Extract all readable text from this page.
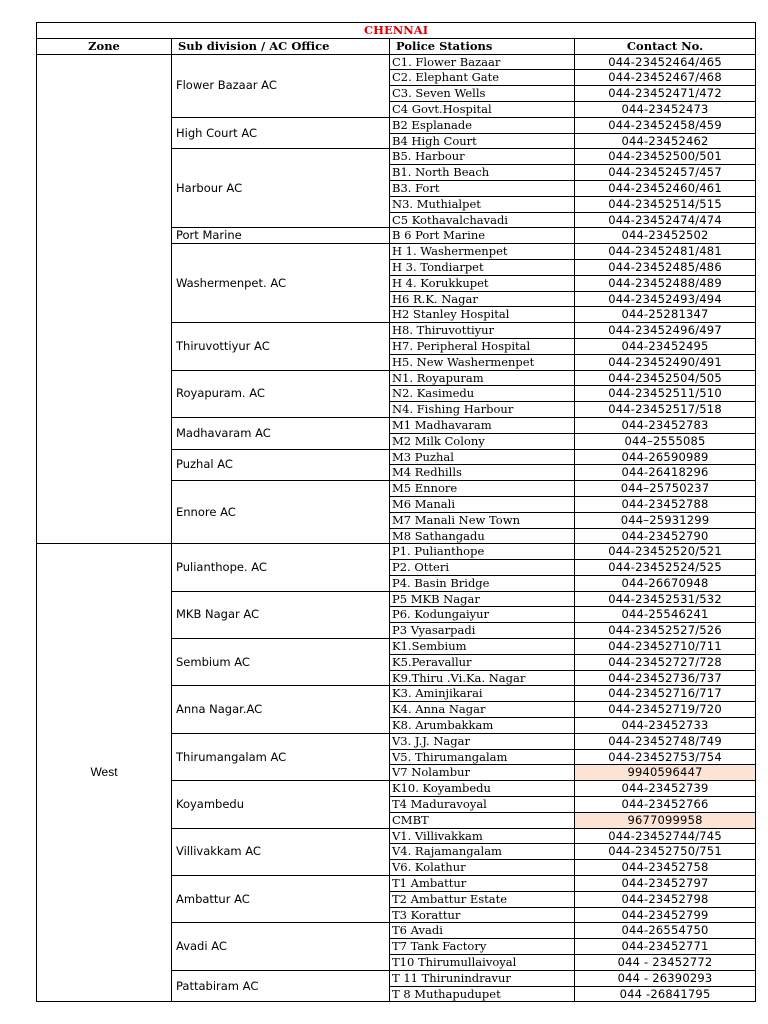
CHENNAI			
Zone	Sub division / AC Office	Police Stations	Contact No.
	Flower Bazaar AC	C1. Flower Bazaar	044-23452464/465
		C2. Elephant Gate	044-23452467/468
		C3. Seven Wells	044-23452471/472
		C4 Govt.Hospital	044-23452473
	High Court AC	B2 Esplanade	044-23452458/459
		B4 High Court	044-23452462
	Harbour AC	B5. Harbour	044-23452500/501
		B1. North Beach	044-23452457/457
		B3. Fort	044-23452460/461
		N3. Muthialpet	044-23452514/515
		C5 Kothavalchavadi	044-23452474/474
	Port Marine	B 6 Port Marine	044-23452502
	Washermenpet. AC	H 1. Washermenpet	044-23452481/481
		H 3. Tondiarpet	044-23452485/486
		H 4. Korukkupet	044-23452488/489
		H6 R.K. Nagar	044-23452493/494
		H2 Stanley Hospital	044-25281347
	Thiruvottiyur AC	H8. Thiruvottiyur	044-23452496/497
		H7. Peripheral Hospital	044-23452495
		H5. New Washermenpet	044-23452490/491
	Royapuram. AC	N1. Royapuram	044-23452504/505
		N2. Kasimedu	044-23452511/510
		N4. Fishing Harbour	044-23452517/518
	Madhavaram AC	M1 Madhavaram	044-23452783
		M2 Milk Colony	044–2555085
	Puzhal AC	M3 Puzhal	044-26590989
		M4 Redhills	044-26418296
	Ennore AC	M5 Ennore	044–25750237
		M6 Manali	044-23452788
		M7 Manali New Town	044–25931299
		M8 Sathangadu	044-23452790
West	Pulianthope. AC	P1. Pulianthope	044-23452520/521
		P2. Otteri	044-23452524/525
		P4. Basin Bridge	044-26670948
	MKB Nagar AC	P5 MKB Nagar	044-23452531/532
		P6. Kodungaiyur	044-25546241
		P3 Vyasarpadi	044-23452527/526
	Sembium AC	K1.Sembium	044-23452710/711
		K5.Peravallur	044-23452727/728
		K9.Thiru .Vi.Ka. Nagar	044-23452736/737
	Anna Nagar.AC	K3. Aminjikarai	044-23452716/717
		K4. Anna Nagar	044-23452719/720
		K8. Arumbakkam	044-23452733
	Thirumangalam AC	V3. J.J. Nagar	044-23452748/749
		V5. Thirumangalam	044-23452753/754
		V7 Nolambur	9940596447
	Koyambedu	K10. Koyambedu	044-23452739
		T4 Maduravoyal	044-23452766
		CMBT	9677099958
	Villivakkam AC	V1. Villivakkam	044-23452744/745
		V4. Rajamangalam	044-23452750/751
		V6. Kolathur	044-23452758
	Ambattur AC	T1 Ambattur	044-23452797
		T2 Ambattur Estate	044-23452798
		T3 Korattur	044-23452799
	Avadi AC	T6 Avadi	044-26554750
		T7 Tank Factory	044-23452771
		T10 Thirumullaivoyal	044 - 23452772
	Pattabiram AC	T 11 Thirunindravur	044 - 26390293
		T 8 Muthapudupet	044 -26841795
